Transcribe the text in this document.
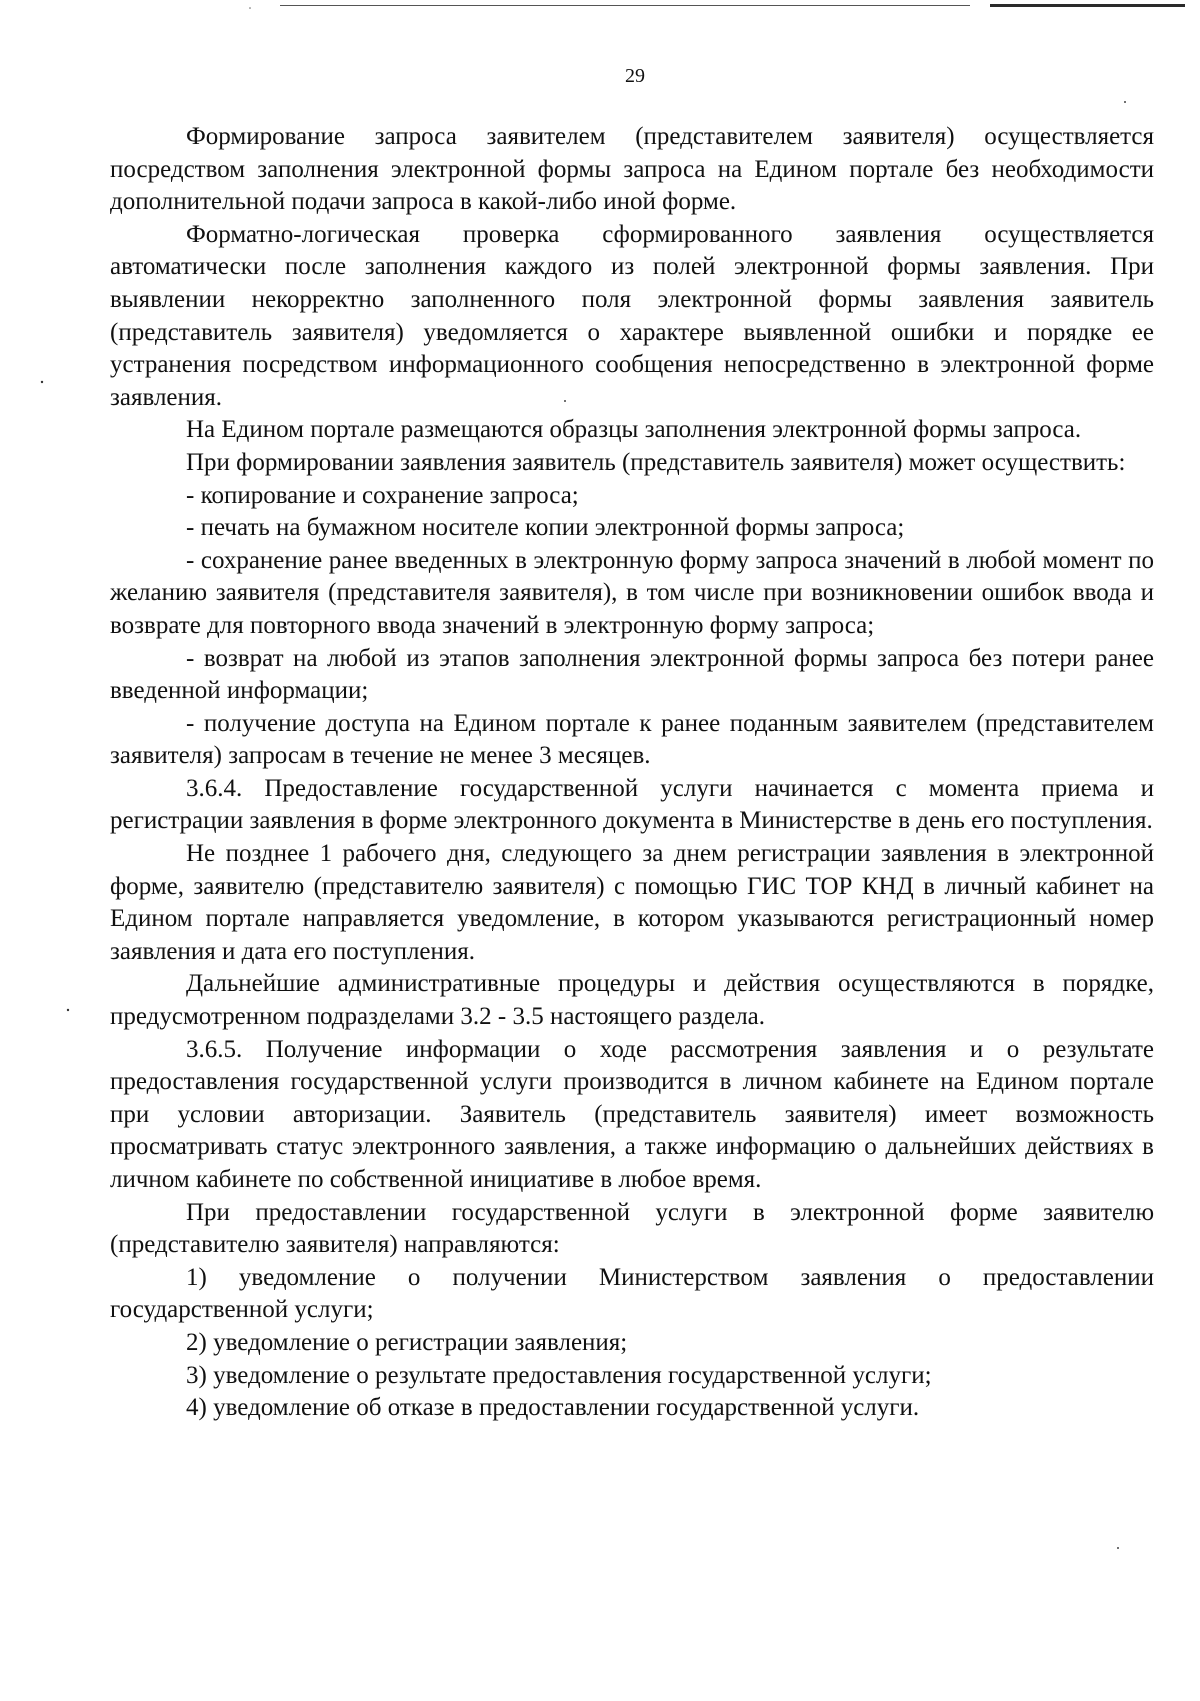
29

Формирование запроса заявителем (представителем заявителя) осуществляется посредством заполнения электронной формы запроса на Едином портале без необходимости дополнительной подачи запроса в какой-либо иной форме.

Форматно-логическая проверка сформированного заявления осуществляется автоматически после заполнения каждого из полей электронной формы заявления. При выявлении некорректно заполненного поля электронной формы заявления заявитель (представитель заявителя) уведомляется о характере выявленной ошибки и порядке ее устранения посредством информационного сообщения непосредственно в электронной форме заявления.

На Едином портале размещаются образцы заполнения электронной формы запроса.

При формировании заявления заявитель (представитель заявителя) может осуществить:

- копирование и сохранение запроса;

- печать на бумажном носителе копии электронной формы запроса;

- сохранение ранее введенных в электронную форму запроса значений в любой момент по желанию заявителя (представителя заявителя), в том числе при возникновении ошибок ввода и возврате для повторного ввода значений в электронную форму запроса;

- возврат на любой из этапов заполнения электронной формы запроса без потери ранее введенной информации;

- получение доступа на Едином портале к ранее поданным заявителем (представителем заявителя) запросам в течение не менее 3 месяцев.

3.6.4. Предоставление государственной услуги начинается с момента приема и регистрации заявления в форме электронного документа в Министерстве в день его поступления.

Не позднее 1 рабочего дня, следующего за днем регистрации заявления в электронной форме, заявителю (представителю заявителя) с помощью ГИС ТОР КНД в личный кабинет на Едином портале направляется уведомление, в котором указываются регистрационный номер заявления и дата его поступления.

Дальнейшие административные процедуры и действия осуществляются в порядке, предусмотренном подразделами 3.2 - 3.5 настоящего раздела.

3.6.5. Получение информации о ходе рассмотрения заявления и о результате предоставления государственной услуги производится в личном кабинете на Едином портале при условии авторизации. Заявитель (представитель заявителя) имеет возможность просматривать статус электронного заявления, а также информацию о дальнейших действиях в личном кабинете по собственной инициативе в любое время.

При предоставлении государственной услуги в электронной форме заявителю (представителю заявителя) направляются:

1) уведомление о получении Министерством заявления о предоставлении государственной услуги;

2) уведомление о регистрации заявления;

3) уведомление о результате предоставления государственной услуги;

4) уведомление об отказе в предоставлении государственной услуги.
